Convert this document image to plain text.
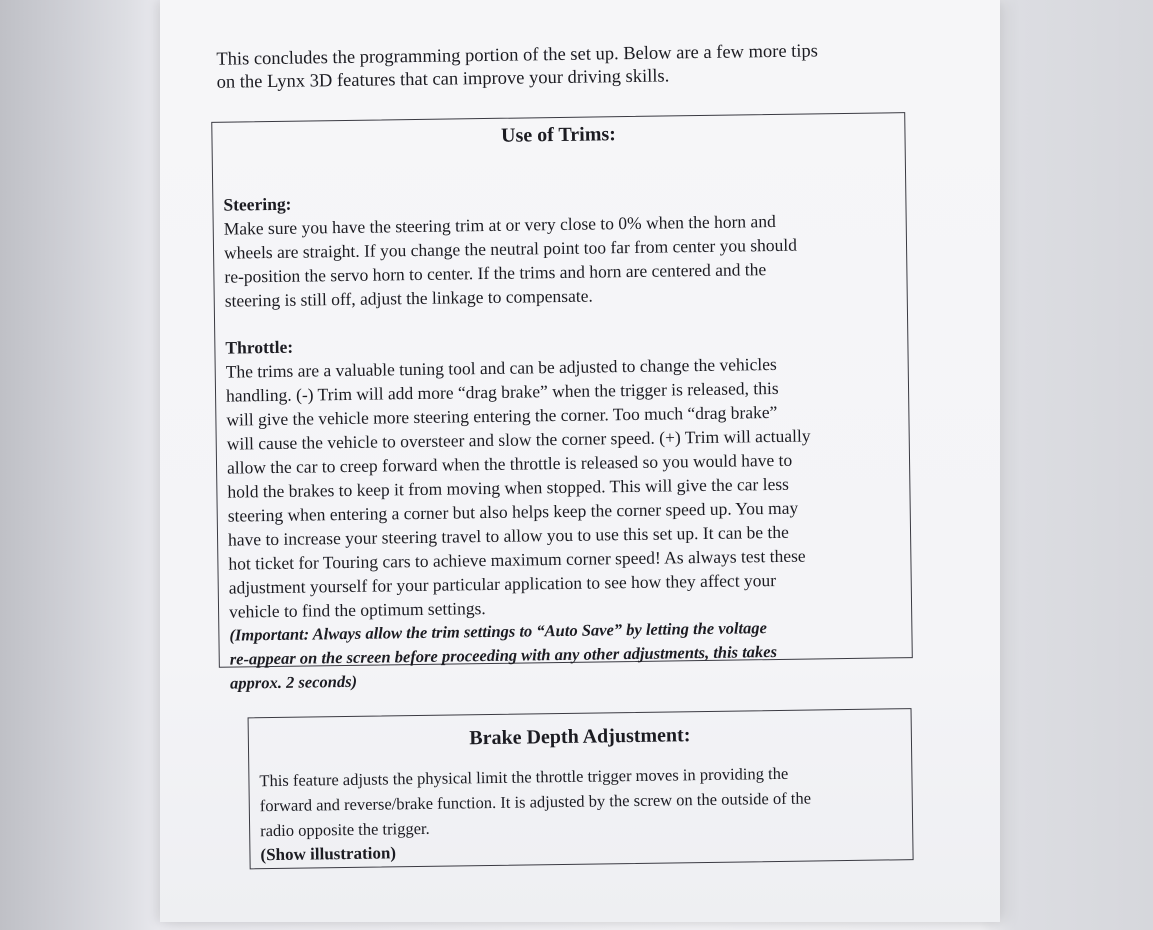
This concludes the programming portion of the set up. Below are a few more tips
on the Lynx 3D features that can improve your driving skills.

Use of Trims:

Steering:

Make sure you have the steering trim at or very close to 0% when the horn and

wheels are straight. If you change the neutral point too far from center you should

re-position the servo horn to center. If the trims and horn are centered and the

steering is still off, adjust the linkage to compensate.

Throttle:

The trims are a valuable tuning tool and can be adjusted to change the vehicles

handling. (-) Trim will add more “drag brake” when the trigger is released, this

will give the vehicle more steering entering the corner. Too much “drag brake”

will cause the vehicle to oversteer and slow the corner speed. (+) Trim will actually

allow the car to creep forward when the throttle is released so you would have to

hold the brakes to keep it from moving when stopped. This will give the car less

steering when entering a corner but also helps keep the corner speed up. You may

have to increase your steering travel to allow you to use this set up. It can be the

hot ticket for Touring cars to achieve maximum corner speed! As always test these

adjustment yourself for your particular application to see how they affect your

vehicle to find the optimum settings.

(Important: Always allow the trim settings to “Auto Save” by letting the voltage

re-appear on the screen before proceeding with any other adjustments, this takes

approx. 2 seconds)

Brake Depth Adjustment:

This feature adjusts the physical limit the throttle trigger moves in providing the

forward and reverse/brake function. It is adjusted by the screw on the outside of the

radio opposite the trigger.

(Show illustration)
